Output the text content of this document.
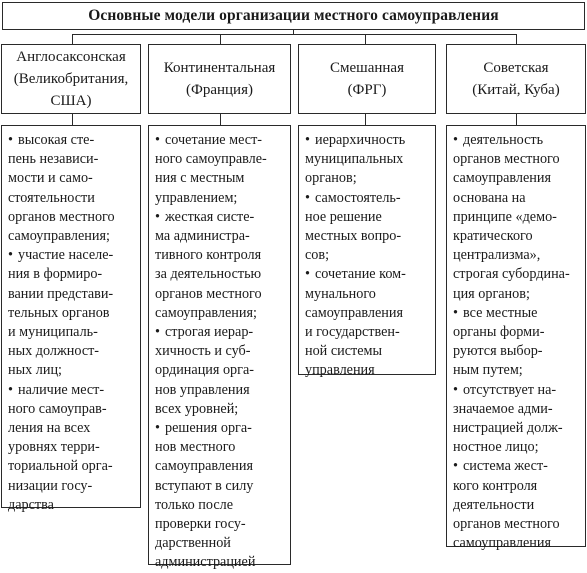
Основные модели организации местного самоуправления
Англосаксонская
(Великобритания,
США)
Континентальная
(Франция)
Смешанная
(ФРГ)
Советская
(Китай, Куба)
• высокая сте-
пень независи-
мости и само-
стоятельности
органов местного
самоуправления;
• участие населе-
ния в формиро-
вании представи-
тельных органов
и муниципаль-
ных должност-
ных лиц;
• наличие мест-
ного самоуправ-
ления на всех
уровнях терри-
ториальной орга-
низации госу-
дарства
• сочетание мест-
ного самоуправле-
ния с местным
управлением;
• жесткая систе-
ма администра-
тивного контроля
за деятельностью
органов местного
самоуправления;
• строгая иерар-
хичность и суб-
ординация орга-
нов управления
всех уровней;
• решения орга-
нов местного
самоуправления
вступают в силу
только после
проверки госу-
дарственной
администрацией
• иерархичность
муниципальных
органов;
• самостоятель-
ное решение
местных вопро-
сов;
• сочетание ком-
мунального
самоуправления
и государствен-
ной системы
управления
• деятельность
органов местного
самоуправления
основана на
принципе «демо-
кратического
централизма»,
строгая субордина-
ция органов;
• все местные
органы форми-
руются выбор-
ным путем;
• отсутствует на-
значаемое адми-
нистрацией долж-
ностное лицо;
• система жест-
кого контроля
деятельности
органов местного
самоуправления
